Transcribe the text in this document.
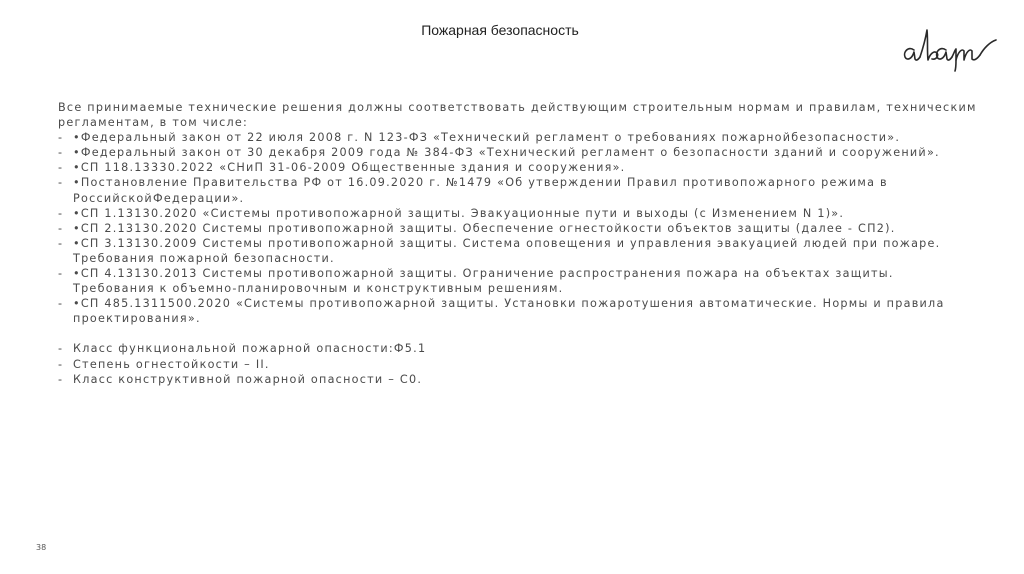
Пожарная безопасность

Все принимаемые технические решения должны соответствовать действующим строительным нормам и правилам, техническим регламентам, в том числе:

- •Федеральный закон от 22 июля 2008 г. N 123-ФЗ «Технический регламент о требованиях пожарнойбезопасности».
- •Федеральный закон от 30 декабря 2009 года № 384-ФЗ «Технический регламент о безопасности зданий и сооружений».
- •СП 118.13330.2022 «СНиП 31-06-2009 Общественные здания и сооружения».
- •Постановление Правительства РФ от 16.09.2020 г. №1479 «Об утверждении Правил противопожарного режима в РоссийскойФедерации».
- •СП 1.13130.2020 «Системы противопожарной защиты. Эвакуационные пути и выходы (с Изменением N 1)».
- •СП 2.13130.2020 Системы противопожарной защиты. Обеспечение огнестойкости объектов защиты (далее - СП2).
- •СП 3.13130.2009 Системы противопожарной защиты. Система оповещения и управления эвакуацией людей при пожаре. Требования пожарной безопасности.
- •СП 4.13130.2013 Системы противопожарной защиты. Ограничение распространения пожара на объектах защиты. Требования к объемно-планировочным и конструктивным решениям.
- •СП 485.1311500.2020 «Системы противопожарной защиты. Установки пожаротушения автоматические. Нормы и правила проектирования».
- Класс функциональной пожарной опасности:Ф5.1
- Степень огнестойкости – II.
- Класс конструктивной пожарной опасности – С0.
38
